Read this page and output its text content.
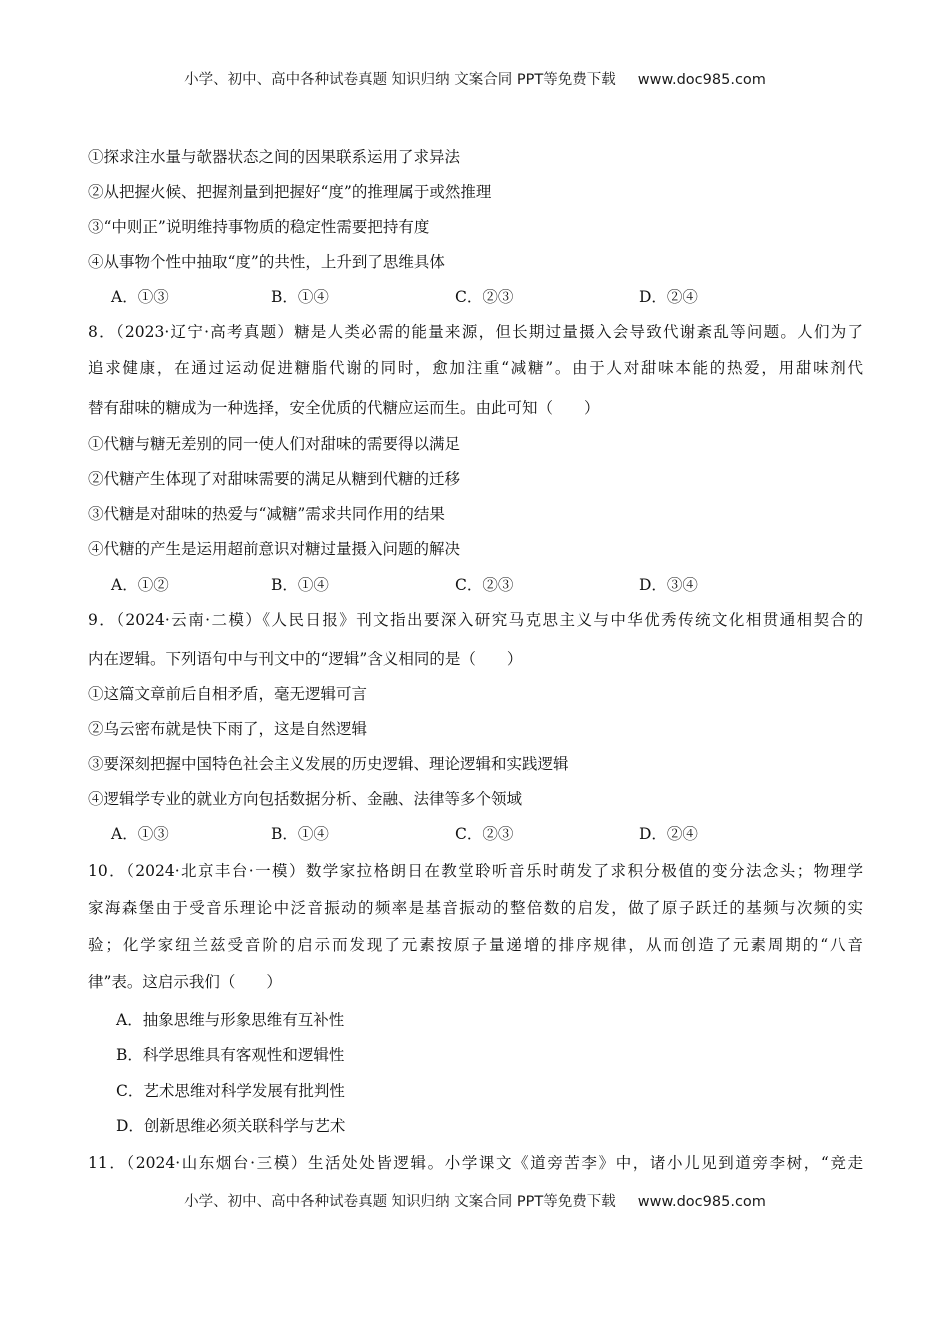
小学、初中、高中各种试卷真题 知识归纳 文案合同 PPT等免费下载 www.doc985.com
①探求注水量与欹器状态之间的因果联系运用了求异法
②从把握火候、把握剂量到把握好“度”的推理属于或然推理
③“中则正”说明维持事物质的稳定性需要把持有度
④从事物个性中抽取“度”的共性，上升到了思维具体
A．①③	B．①④	C．②③	D．②④
8．（2023·辽宁·高考真题）糖是人类必需的能量来源，但长期过量摄入会导致代谢紊乱等问题。人们为了
追求健康，在通过运动促进糖脂代谢的同时，愈加注重“减糖”。由于人对甜味本能的热爱，用甜味剂代
替有甜味的糖成为一种选择，安全优质的代糖应运而生。由此可知（　　）
①代糖与糖无差别的同一使人们对甜味的需要得以满足
②代糖产生体现了对甜味需要的满足从糖到代糖的迁移
③代糖是对甜味的热爱与“减糖”需求共同作用的结果
④代糖的产生是运用超前意识对糖过量摄入问题的解决
A．①②	B．①④	C．②③	D．③④
9．（2024·云南·二模）《人民日报》刊文指出要深入研究马克思主义与中华优秀传统文化相贯通相契合的
内在逻辑。下列语句中与刊文中的“逻辑”含义相同的是（　　）
①这篇文章前后自相矛盾，毫无逻辑可言
②乌云密布就是快下雨了，这是自然逻辑
③要深刻把握中国特色社会主义发展的历史逻辑、理论逻辑和实践逻辑
④逻辑学专业的就业方向包括数据分析、金融、法律等多个领域
A．①③	B．①④	C．②③	D．②④
10．（2024·北京丰台·一模）数学家拉格朗日在教堂聆听音乐时萌发了求积分极值的变分法念头；物理学
家海森堡由于受音乐理论中泛音振动的频率是基音振动的整倍数的启发，做了原子跃迁的基频与次频的实
验；化学家纽兰兹受音阶的启示而发现了元素按原子量递增的排序规律，从而创造了元素周期的“八音
律”表。这启示我们（　　）
A．抽象思维与形象思维有互补性
B．科学思维具有客观性和逻辑性
C．艺术思维对科学发展有批判性
D．创新思维必须关联科学与艺术
11．（2024·山东烟台·三模）生活处处皆逻辑。小学课文《道旁苦李》中，诸小儿见到道旁李树，“竞走
小学、初中、高中各种试卷真题 知识归纳 文案合同 PPT等免费下载 www.doc985.com
